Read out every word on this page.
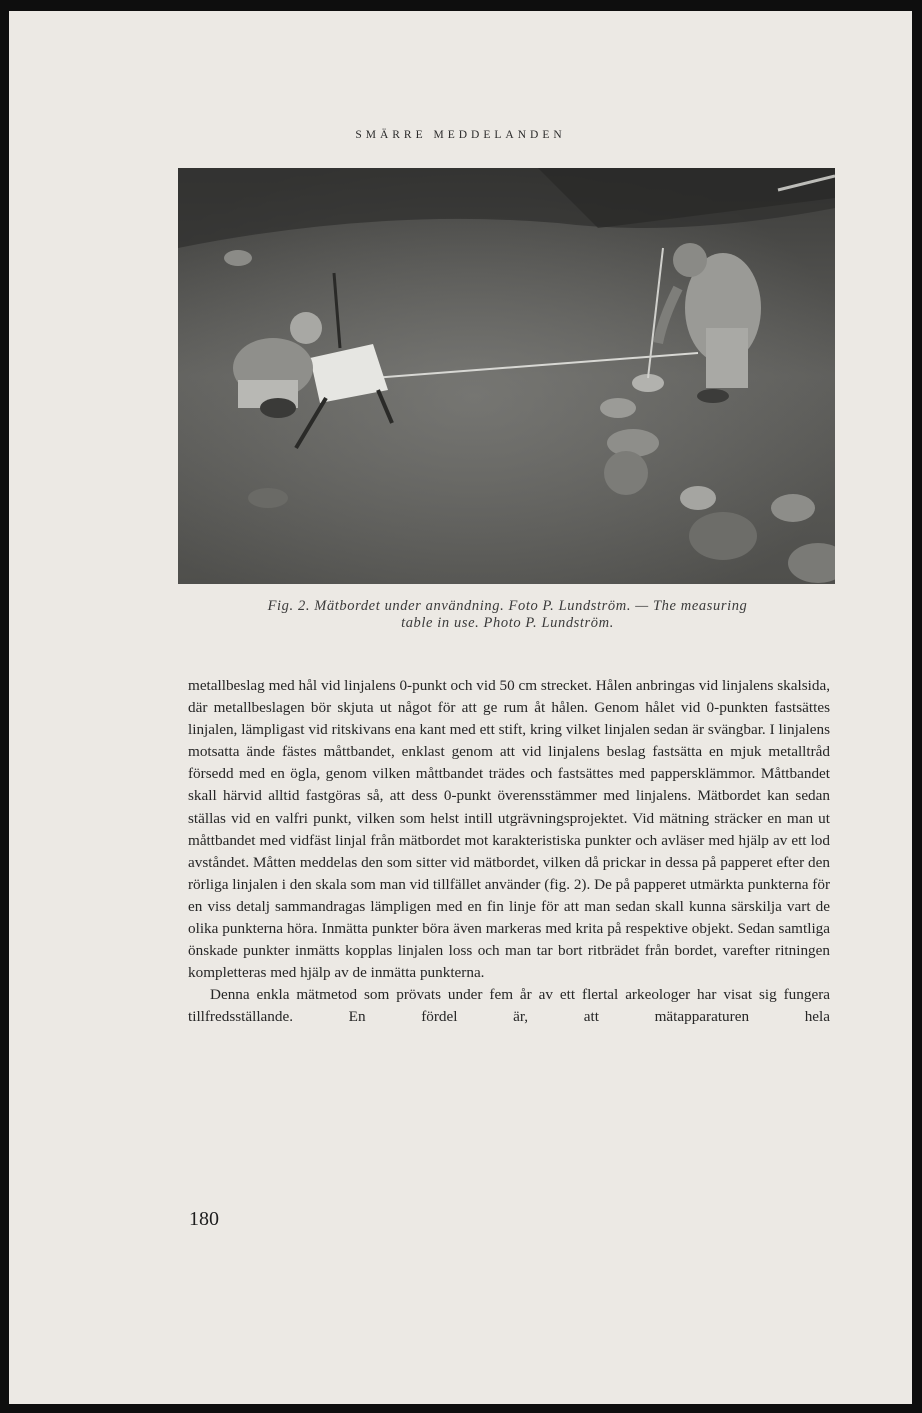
SMÄRRE MEDDELANDEN
Fig. 2. Mätbordet under användning. Foto P. Lundström. — The measuring
table in use. Photo P. Lundström.

metallbeslag med hål vid linjalens 0-punkt och vid 50 cm strecket. Hålen anbringas vid linjalens skalsida, där metallbeslagen bör skjuta ut något för att ge rum åt hålen. Genom hålet vid 0-punkten fastsättes linjalen, lämpligast vid ritskivans ena kant med ett stift, kring vilket linjalen sedan är svängbar. I linjalens motsatta ände fästes måttbandet, enklast genom att vid linjalens beslag fastsätta en mjuk metalltråd försedd med en ögla, genom vilken måttbandet trädes och fastsättes med pappersklämmor. Måttbandet skall härvid alltid fastgöras så, att dess 0-punkt överensstämmer med linjalens. Mätbordet kan sedan ställas vid en valfri punkt, vilken som helst intill utgrävningsprojektet. Vid mätning sträcker en man ut måttbandet med vidfäst linjal från mätbordet mot karakteristiska punkter och avläser med hjälp av ett lod avståndet. Måtten meddelas den som sitter vid mätbordet, vilken då prickar in dessa på papperet efter den rörliga linjalen i den skala som man vid tillfället använder (fig. 2). De på papperet utmärkta punkterna för en viss detalj sammandragas lämpligen med en fin linje för att man sedan skall kunna särskilja vart de olika punkterna höra. Inmätta punkter böra även markeras med krita på respektive objekt. Sedan samtliga önskade punkter inmätts kopplas linjalen loss och man tar bort ritbrädet från bordet, varefter ritningen kompletteras med hjälp av de inmätta punkterna.

Denna enkla mätmetod som prövats under fem år av ett flertal arkeologer har visat sig fungera tillfredsställande. En fördel är, att mätapparaturen hela

180
